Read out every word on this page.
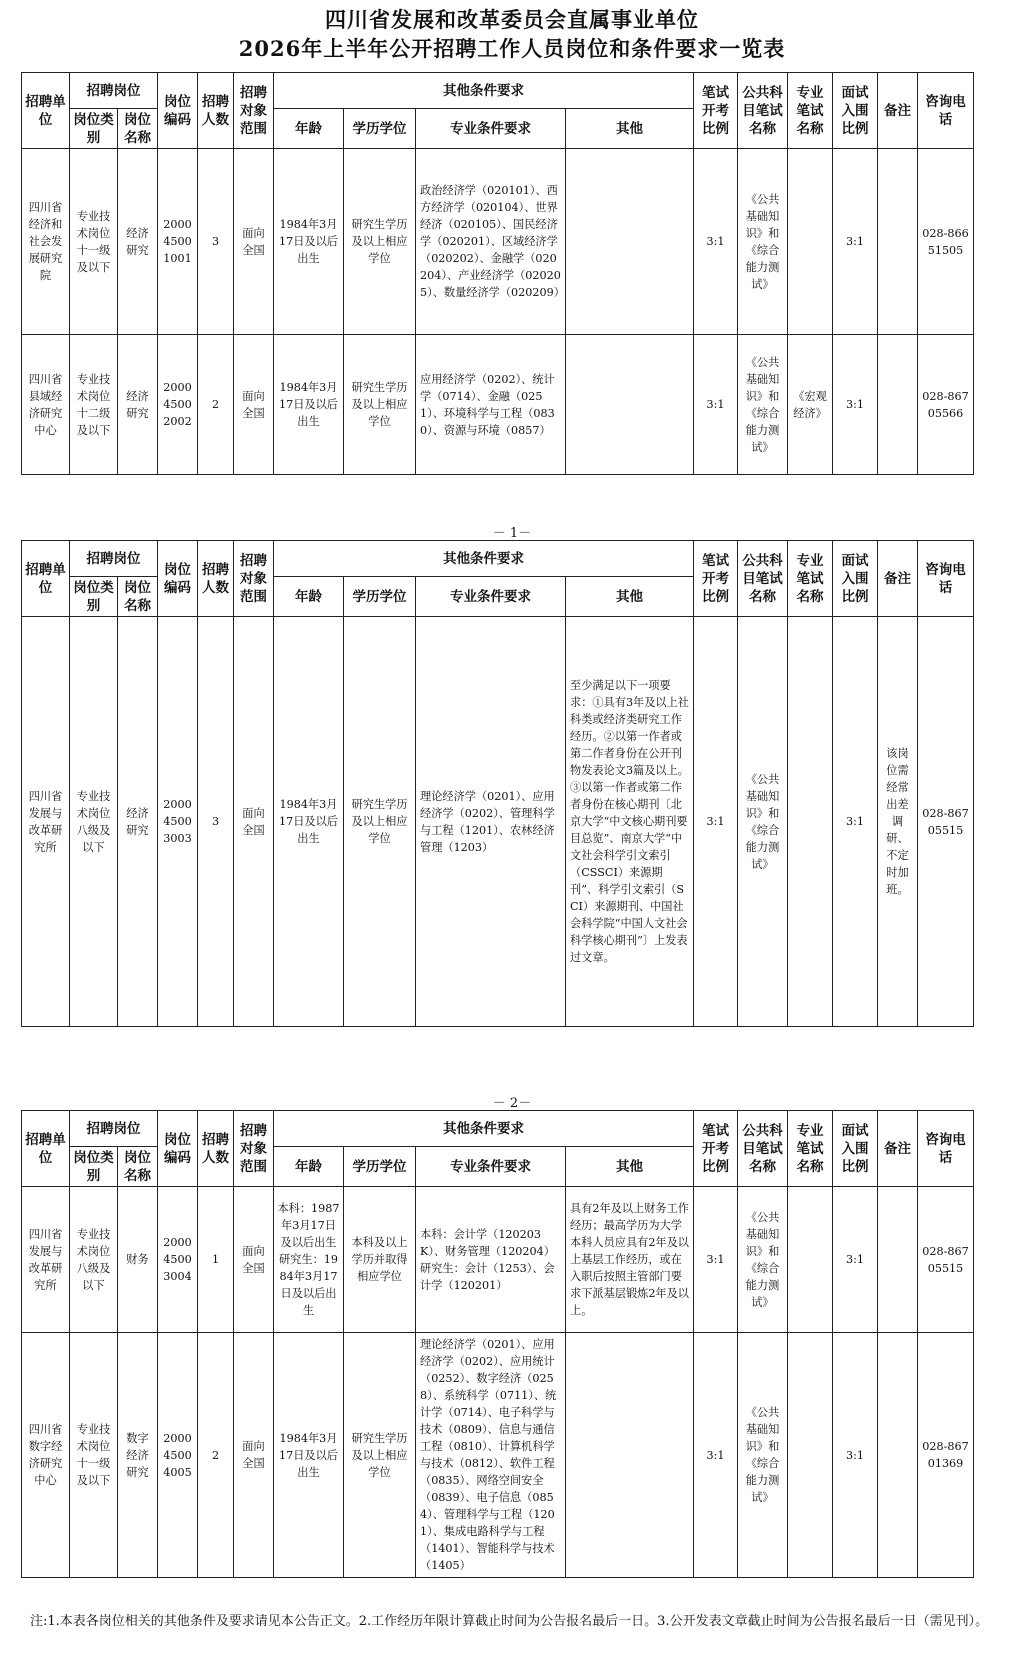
四川省发展和改革委员会直属事业单位
2026年上半年公开招聘工作人员岗位和条件要求一览表
招聘单位	招聘岗位		岗位编码	招聘人数	招聘对象范围	其他条件要求				笔试开考比例	公共科目笔试名称	专业笔试名称	面试入围比例	备注	咨询电话
	岗位类别	岗位名称				年龄	学历学位	专业条件要求	其他						
四川省经济和社会发展研究院	专业技术岗位十一级及以下	经济研究	2000 4500 1001	3	面向全国	1984年3月17日及以后出生	研究生学历及以上相应学位	政治经济学（020101）、西方经济学（020104）、世界经济（020105）、国民经济学（020201）、区域经济学（020202）、金融学（020204）、产业经济学（020205）、数量经济学（020209）		3:1	《公共基础知识》和《综合能力测试》		3:1		028-86651505
四川省县域经济研究中心	专业技术岗位十二级及以下	经济研究	2000 4500 2002	2	面向全国	1984年3月17日及以后出生	研究生学历及以上相应学位	应用经济学（0202）、统计学（0714）、金融（0251）、环境科学与工程（0830）、资源与环境（0857）		3:1	《公共基础知识》和《综合能力测试》	《宏观经济》	3:1		028-86705566
－ 1－
招聘单位	招聘岗位		岗位编码	招聘人数	招聘对象范围	其他条件要求				笔试开考比例	公共科目笔试名称	专业笔试名称	面试入围比例	备注	咨询电话
	岗位类别	岗位名称				年龄	学历学位	专业条件要求	其他						
四川省发展与改革研究所	专业技术岗位八级及以下	经济研究	2000 4500 3003	3	面向全国	1984年3月17日及以后出生	研究生学历及以上相应学位	理论经济学（0201）、应用经济学（0202）、管理科学与工程（1201）、农林经济管理（1203）	至少满足以下一项要求：①具有3年及以上社科类或经济类研究工作经历。②以第一作者或第二作者身份在公开刊物发表论文3篇及以上。③以第一作者或第二作者身份在核心期刊〔北京大学“中文核心期刊要目总览”、南京大学“中文社会科学引文索引（CSSCI）来源期刊”、科学引文索引（SCI）来源期刊、中国社会科学院“中国人文社会科学核心期刊”〕上发表过文章。	3:1	《公共基础知识》和《综合能力测试》		3:1	该岗位需经常出差调研、不定时加班。	028-86705515
－ 2－
招聘单位	招聘岗位		岗位编码	招聘人数	招聘对象范围	其他条件要求				笔试开考比例	公共科目笔试名称	专业笔试名称	面试入围比例	备注	咨询电话
	岗位类别	岗位名称				年龄	学历学位	专业条件要求	其他						
四川省发展与改革研究所	专业技术岗位八级及以下	财务	2000 4500 3004	1	面向全国	本科：1987年3月17日及以后出生研究生：1984年3月17日及以后出生	本科及以上学历并取得相应学位	本科：会计学（120203K）、财务管理（120204）研究生：会计（1253）、会计学（120201）	具有2年及以上财务工作经历；最高学历为大学本科人员应具有2年及以上基层工作经历，或在入职后按照主管部门要求下派基层锻炼2年及以上。	3:1	《公共基础知识》和《综合能力测试》		3:1		028-86705515
四川省数字经济研究中心	专业技术岗位十一级及以下	数字经济研究	2000 4500 4005	2	面向全国	1984年3月17日及以后出生	研究生学历及以上相应学位	理论经济学（0201）、应用经济学（0202）、应用统计（0252）、数字经济（0258）、系统科学（0711）、统计学（0714）、电子科学与技术（0809）、信息与通信工程（0810）、计算机科学与技术（0812）、软件工程（0835）、网络空间安全（0839）、电子信息（0854）、管理科学与工程（1201）、集成电路科学与工程（1401）、智能科学与技术（1405）		3:1	《公共基础知识》和《综合能力测试》		3:1		028-86701369
注:1.本表各岗位相关的其他条件及要求请见本公告正文。2.工作经历年限计算截止时间为公告报名最后一日。3.公开发表文章截止时间为公告报名最后一日（需见刊）。
